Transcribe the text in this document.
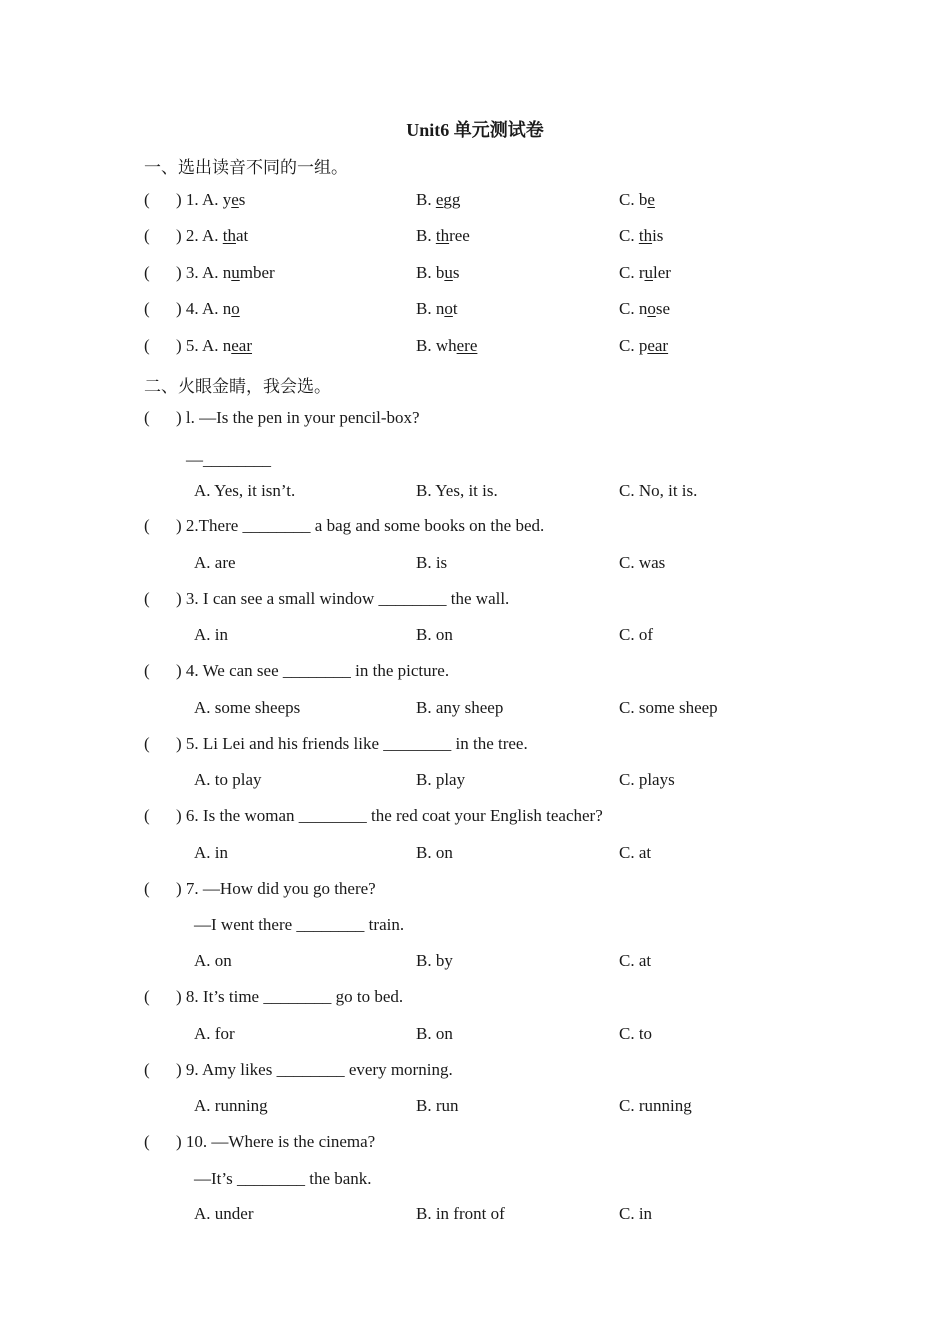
Unit6 单元测试卷
一、选出读音不同的一组。
( ) 1. A. yes	B. egg	C. be
( ) 2. A. that	B. three	C. this
( ) 3. A. number	B. bus	C. ruler
( ) 4. A. no	B. not	C. nose
( ) 5. A. near	B. where	C. pear
二、火眼金睛，我会选。
( ) l. —Is the pen in your pencil-box?
—________
A. Yes, it isn’t.	B. Yes, it is.	C. No, it is.
( ) 2.There ________ a bag and some books on the bed.
A. are	B. is	C. was
( ) 3. I can see a small window ________ the wall.
A. in	B. on	C. of
( ) 4. We can see ________ in the picture.
A. some sheeps	B. any sheep	C. some sheep
( ) 5. Li Lei and his friends like ________ in the tree.
A. to play	B. play	C. plays
( ) 6. Is the woman ________ the red coat your English teacher?
A. in	B. on	C. at
( ) 7. —How did you go there?
—I went there ________ train.
A. on	B. by	C. at
( ) 8. It’s time ________ go to bed.
A. for	B. on	C. to
( ) 9. Amy likes ________ every morning.
A. running	B. run	C. running
( ) 10. —Where is the cinema?
—It’s ________ the bank.
A. under	B. in front of	C. in
